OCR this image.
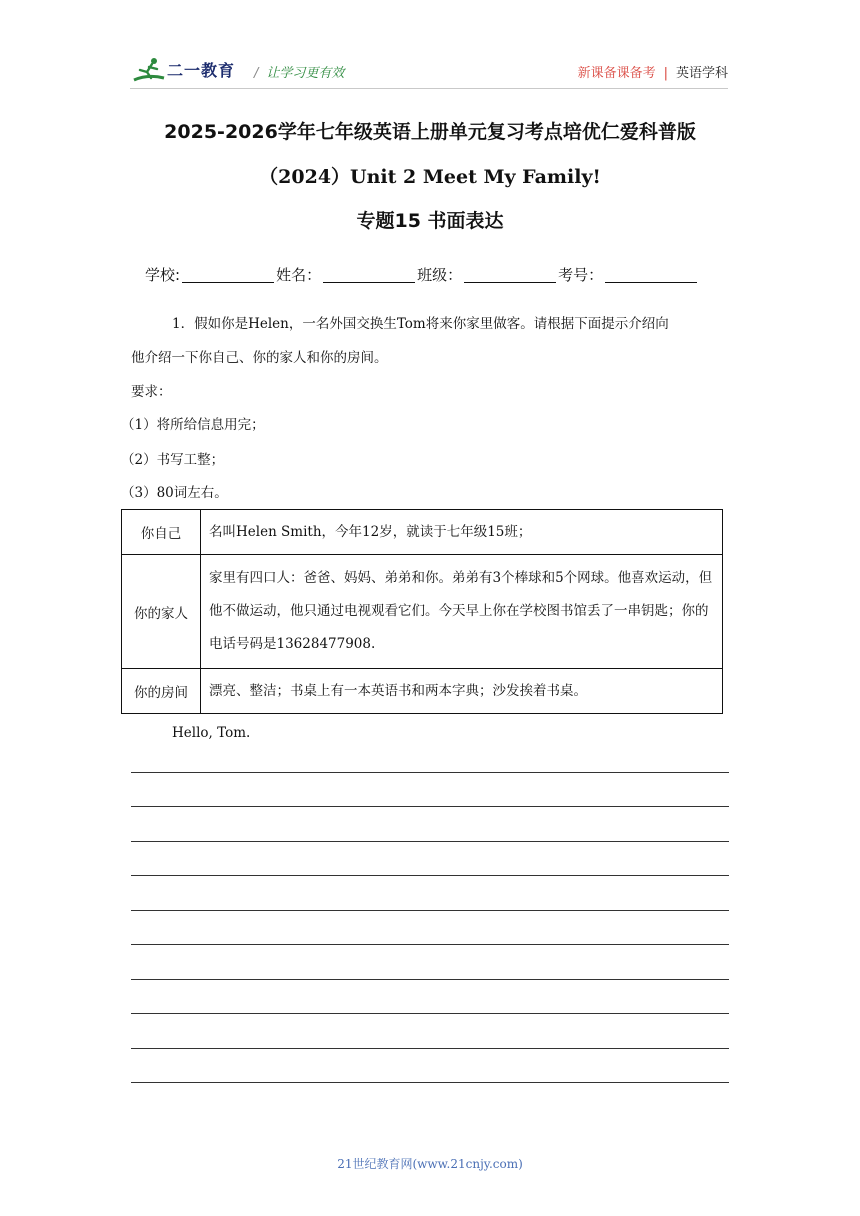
二一教育 / 让学习更有效	新课备课备考 | 英语学科
2025-2026学年七年级英语上册单元复习考点培优仁爱科普版
（2024）Unit 2 Meet My Family!
专题15 书面表达
学校:	姓名：	班级：	考号：
1．假如你是Helen，一名外国交换生Tom将来你家里做客。请根据下面提示介绍向
他介绍一下你自己、你的家人和你的房间。
要求：
（1）将所给信息用完；
（2）书写工整；
（3）80词左右。
你自己	名叫Helen Smith，今年12岁，就读于七年级15班；
你的家人	家里有四口人：爸爸、妈妈、弟弟和你。弟弟有3个棒球和5个网球。他喜欢运动，但他不做运动，他只通过电视观看它们。今天早上你在学校图书馆丢了一串钥匙；你的电话号码是13628477908.
你的房间	漂亮、整洁；书桌上有一本英语书和两本字典；沙发挨着书桌。
Hello, Tom.
21世纪教育网(www.21cnjy.com)
